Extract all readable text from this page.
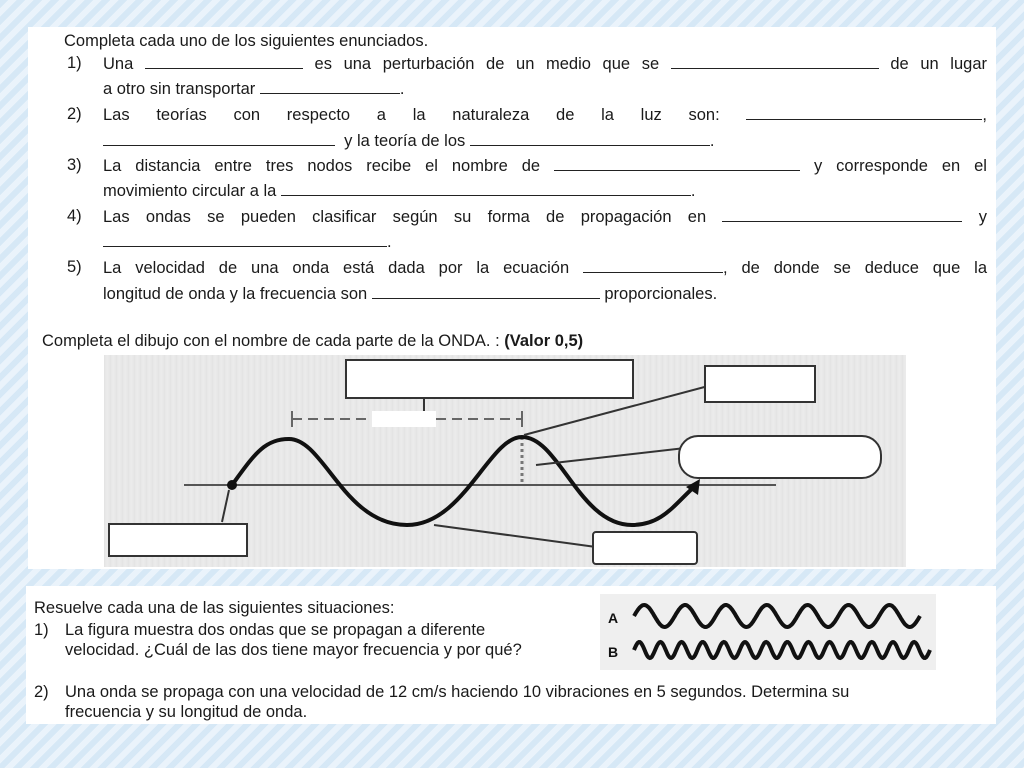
Completa cada uno de los siguientes enunciados.
1) Una	es una perturbación de un medio que se	de un lugar
a otro sin transportar	.
2) Las teorías con respecto a la naturaleza de la luz son:	,
y la teoría de los	.
3) La distancia entre tres nodos recibe el nombre de	y corresponde en el
movimiento circular a la	.
4) Las ondas se pueden clasificar según su forma de propagación en	y
.
5) La velocidad de una onda está dada por la ecuación	, de donde se deduce que la
longitud de onda y la frecuencia son	proporcionales.
Completa el dibujo con el nombre de cada parte de la ONDA. : (Valor 0,5)
Resuelve cada una de las siguientes situaciones:
1) La figura muestra dos ondas que se propagan a diferente
velocidad. ¿Cuál de las dos tiene mayor frecuencia y por qué?
2) Una onda se propaga con una velocidad de 12 cm/s haciendo 10 vibraciones en 5 segundos. Determina su
frecuencia y su longitud de onda.
A
B
